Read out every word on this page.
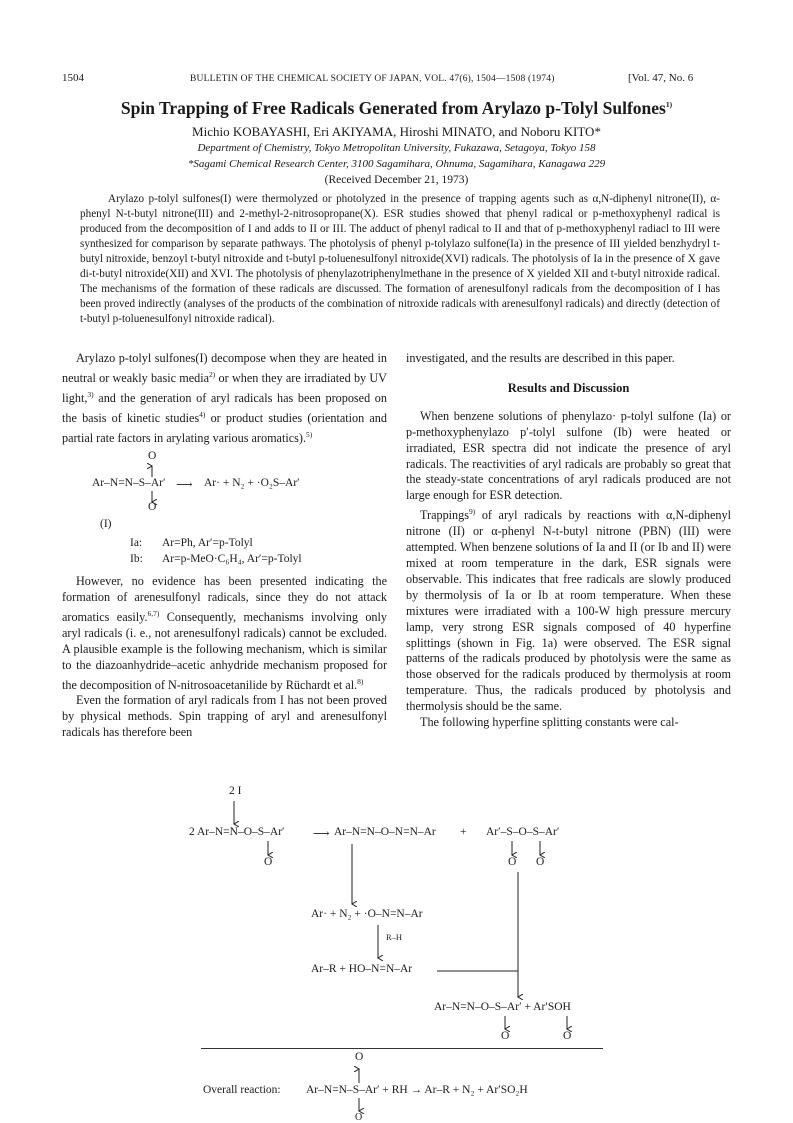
1504	BULLETIN OF THE CHEMICAL SOCIETY OF JAPAN, VOL. 47(6), 1504—1508 (1974)	[Vol. 47, No. 6
Spin Trapping of Free Radicals Generated from Arylazo p-Tolyl Sulfones$^{1)}$
Michio KOBAYASHI, Eri AKIYAMA, Hiroshi MINATO, and Noboru KITO*
Department of Chemistry, Tokyo Metropolitan University, Fukazawa, Setagoya, Tokyo 158
*Sagami Chemical Research Center, 3100 Sagamihara, Ohnuma, Sagamihara, Kanagawa 229
(Received December 21, 1973)
Arylazo p-tolyl sulfones(I) were thermolyzed or photolyzed in the presence of trapping agents such as α,N-diphenyl nitrone(II), α-phenyl N-t-butyl nitrone(III) and 2-methyl-2-nitrosopropane(X). ESR studies showed that phenyl radical or p-methoxyphenyl radical is produced from the decomposition of I and adds to II or III. The adduct of phenyl radical to II and that of p-methoxyphenyl radiacl to III were synthesized for comparison by separate pathways. The photolysis of phenyl p-tolylazo sulfone(Ia) in the presence of III yielded benzhydryl t-butyl nitroxide, benzoyl t-butyl nitroxide and t-butyl p-toluenesulfonyl nitroxide(XVI) radicals. The photolysis of Ia in the presence of X gave di-t-butyl nitroxide(XII) and XVI. The photolysis of phenylazotriphenylmethane in the presence of X yielded XII and t-butyl nitroxide radical. The mechanisms of the formation of these radicals are discussed. The formation of arenesulfonyl radicals from the decomposition of I has been proved indirectly (analyses of the products of the combination of nitroxide radicals with arenesulfonyl radicals) and directly (detection of t-butyl p-toluenesulfonyl nitroxide radical).

Arylazo p-tolyl sulfones(I) decompose when they are heated in neutral or weakly basic media$^{2)}$ or when they are irradiated by UV light,$^{3)}$ and the generation of aryl radicals has been proposed on the basis of kinetic studies$^{4)}$ or product studies (orientation and partial rate factors in arylating various aromatics).$^{5)}$

O
Ar–N=N–S–Ar′ ⟶ Ar· + N₂ + ·O₂S–Ar′
O
(I)
Ia: Ar=Ph, Ar′=p-Tolyl
Ib: Ar=p-MeO·C₆H₄, Ar′=p-Tolyl

However, no evidence has been presented indicating the formation of arenesulfonyl radicals, since they do not attack aromatics easily.$^{6,7)}$ Consequently, mechanisms involving only aryl radicals (i. e., not arenesulfonyl radicals) cannot be excluded. A plausible example is the following mechanism, which is similar to the diazoanhydride–acetic anhydride mechanism proposed for the decomposition of N-nitrosoacetanilide by Rüchardt et al.$^{8)}$

Even the formation of aryl radicals from I has not been proved by physical methods. Spin trapping of aryl and arenesulfonyl radicals has therefore been

investigated, and the results are described in this paper.

Results and Discussion

When benzene solutions of phenylazo· p-tolyl sulfone (Ia) or p-methoxyphenylazo p′-tolyl sulfone (Ib) were heated or irradiated, ESR spectra did not indicate the presence of aryl radicals. The reactivities of aryl radicals are probably so great that the steady-state concentrations of aryl radicals produced are not large enough for ESR detection.

Trappings$^{9)}$ of aryl radicals by reactions with α,N-diphenyl nitrone (II) or α-phenyl N-t-butyl nitrone (PBN) (III) were attempted. When benzene solutions of Ia and II (or Ib and II) were mixed at room temperature in the dark, ESR signals were observable. This indicates that free radicals are slowly produced by thermolysis of Ia or Ib at room temperature. When these mixtures were irradiated with a 100-W high pressure mercury lamp, very strong ESR signals composed of 40 hyperfine splittings (shown in Fig. 1a) were observed. The ESR signal patterns of the radicals produced by photolysis were the same as those observed for the radicals produced by thermolysis at room temperature. Thus, the radicals produced by photolysis and thermolysis should be the same.

The following hyperfine splitting constants were cal-

2 I
2 Ar–N=N–O–S–Ar′ ⟶ Ar–N=N–O–N=N–Ar + Ar′–S–O–S–Ar′
O	O O
Ar· + N₂ + ·O–N=N–Ar
R–H
Ar–R + HO–N=N–Ar
Ar–N=N–O–S–Ar′ + Ar′SOH
O	O
O
Overall reaction: Ar–N=N–S–Ar′ + RH → Ar–R + N₂ + Ar′SO₂H
O
